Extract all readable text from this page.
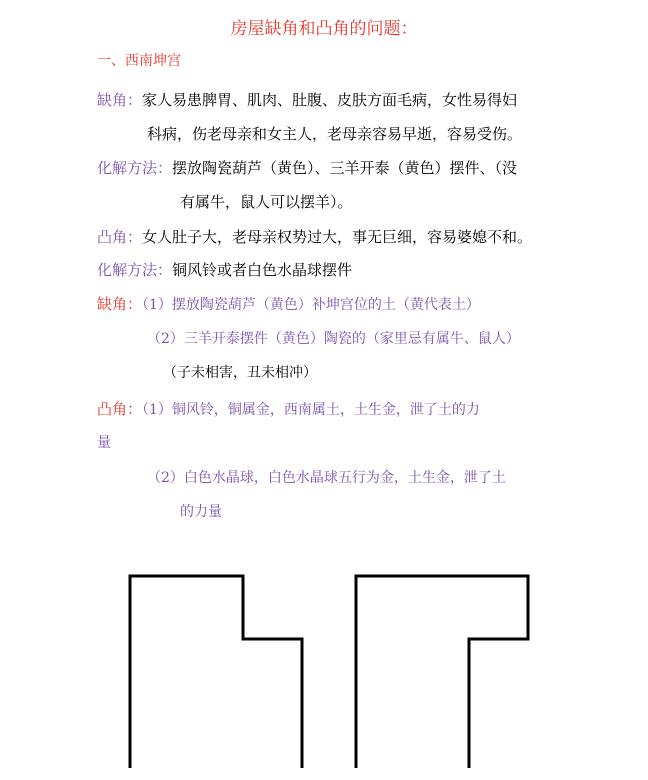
房屋缺角和凸角的问题：
一、西南坤宫
缺角：家人易患脾胃、肌肉、肚腹、皮肤方面毛病，女性易得妇
科病，伤老母亲和女主人，老母亲容易早逝，容易受伤。
化解方法：摆放陶瓷葫芦（黄色）、三羊开泰（黄色）摆件、（没
有属牛，鼠人可以摆羊）。
凸角：女人肚子大，老母亲权势过大，事无巨细，容易婆媳不和。
化解方法：铜风铃或者白色水晶球摆件
缺角：（1）摆放陶瓷葫芦（黄色）补坤宫位的土（黄代表土）
（2）三羊开泰摆件（黄色）陶瓷的（家里忌有属牛、鼠人）
（子未相害，丑未相冲）
凸角：（1）铜风铃，铜属金，西南属土，土生金，泄了土的力
量
（2）白色水晶球，白色水晶球五行为金，土生金，泄了土
的力量
